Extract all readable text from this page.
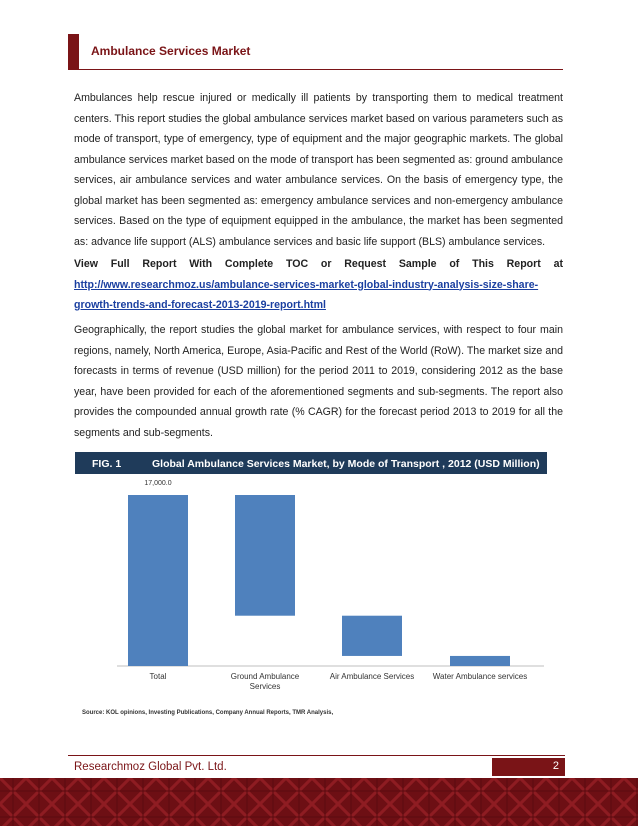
Ambulance Services Market

Ambulances help rescue injured or medically ill patients by transporting them to medical treatment centers. This report studies the global ambulance services market based on various parameters such as mode of transport, type of emergency, type of equipment and the major geographic markets. The global ambulance services market based on the mode of transport has been segmented as: ground ambulance services, air ambulance services and water ambulance services. On the basis of emergency type, the global market has been segmented as: emergency ambulance services and non-emergency ambulance services. Based on the type of equipment equipped in the ambulance, the market has been segmented as: advance life support (ALS) ambulance services and basic life support (BLS) ambulance services.

View Full Report With Complete TOC or Request Sample of This Report at
http://www.researchmoz.us/ambulance-services-market-global-industry-analysis-size-share-growth-trends-and-forecast-2013-2019-report.html

Geographically, the report studies the global market for ambulance services, with respect to four main regions, namely, North America, Europe, Asia-Pacific and Rest of the World (RoW). The market size and forecasts in terms of revenue (USD million) for the period 2011 to 2019, considering 2012 as the base year, have been provided for each of the aforementioned segments and sub-segments. The report also provides the compounded annual growth rate (% CAGR) for the forecast period 2013 to 2019 for all the segments and sub-segments.

FIG. 1	Global Ambulance Services Market, by Mode of Transport , 2012 (USD Million)
Total	Ground Ambulance
Services
Air Ambulance Services Water Ambulance services
17,000.0
Source: KOL opinions, Investing Publications, Company Annual Reports, TMR Analysis,
Researchmoz Global Pvt. Ltd.	2
